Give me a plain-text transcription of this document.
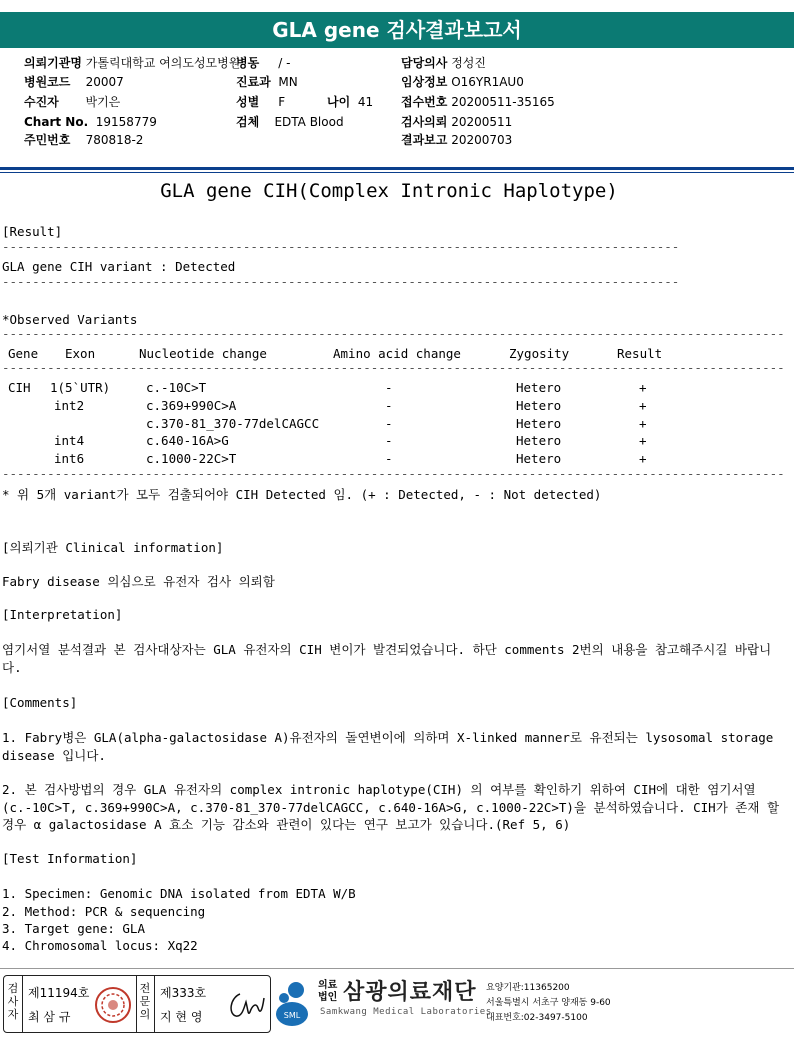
GLA gene 검사결과보고서
의뢰기관명 가톨릭대학교 여의도성모병원
병동 / -	담당의사 정성진
병원코드 20007	진료과 MN	임상정보 O16YR1AU0
수진자 박기은	성별 F	나이 41 접수번호 20200511-35165
Chart No. 19158779	검체 EDTA Blood	검사의뢰 20200511
주민번호 780818-2	결과보고 20200703
GLA gene CIH(Complex Intronic Haplotype)
[Result]
------------------------------------------------------------------------------------------
GLA gene CIH variant : Detected
------------------------------------------------------------------------------------------
*Observed Variants
--------------------------------------------------------------------------------------------------------
Gene Exon	Nucleotide change	Amino acid change	Zygosity	Result
--------------------------------------------------------------------------------------------------------
CIH 1(5`UTR)	c.-10C>T	-	Hetero	+
int2	c.369+990C>A	-	Hetero	+
c.370-81_370-77delCAGCC	-	Hetero	+
int4	c.640-16A>G	-	Hetero	+
int6	c.1000-22C>T	-	Hetero	+
--------------------------------------------------------------------------------------------------------
* 위 5개 variant가 모두 검출되어야 CIH Detected 임. (+ : Detected, - : Not detected)
[의뢰기관 Clinical information]
Fabry disease 의심으로 유전자 검사 의뢰함
[Interpretation]
염기서열 분석결과 본 검사대상자는 GLA 유전자의 CIH 변이가 발견되었습니다. 하단 comments 2번의 내용을 참고해주시길 바랍니다.
[Comments]
1. Fabry병은 GLA(alpha-galactosidase A)유전자의 돌연변이에 의하며 X-linked manner로 유전되는 lysosomal storage disease 입니다.
2. 본 검사방법의 경우 GLA 유전자의 complex intronic haplotype(CIH) 의 여부를 확인하기 위하여 CIH에 대한 염기서열(c.-10C>T, c.369+990C>A, c.370-81_370-77delCAGCC, c.640-16A>G, c.1000-22C>T)을 분석하였습니다. CIH가 존재 할 경우 α galactosidase A 효소 기능 감소와 관련이 있다는 연구 보고가 있습니다.(Ref 5, 6)
[Test Information]
1. Specimen: Genomic DNA isolated from EDTA W/B
2. Method: PCR & sequencing
3. Target gene: GLA
4. Chromosomal locus: Xq22
검사자
제11194호
최 삼 규
전문의
제333호
지 현 영	SML
의료법인 삼광의료재단
Samkwang Medical Laboratories
요양기관:11365200
서울특별시 서초구 양재동 9-60
대표번호:02-3497-5100
